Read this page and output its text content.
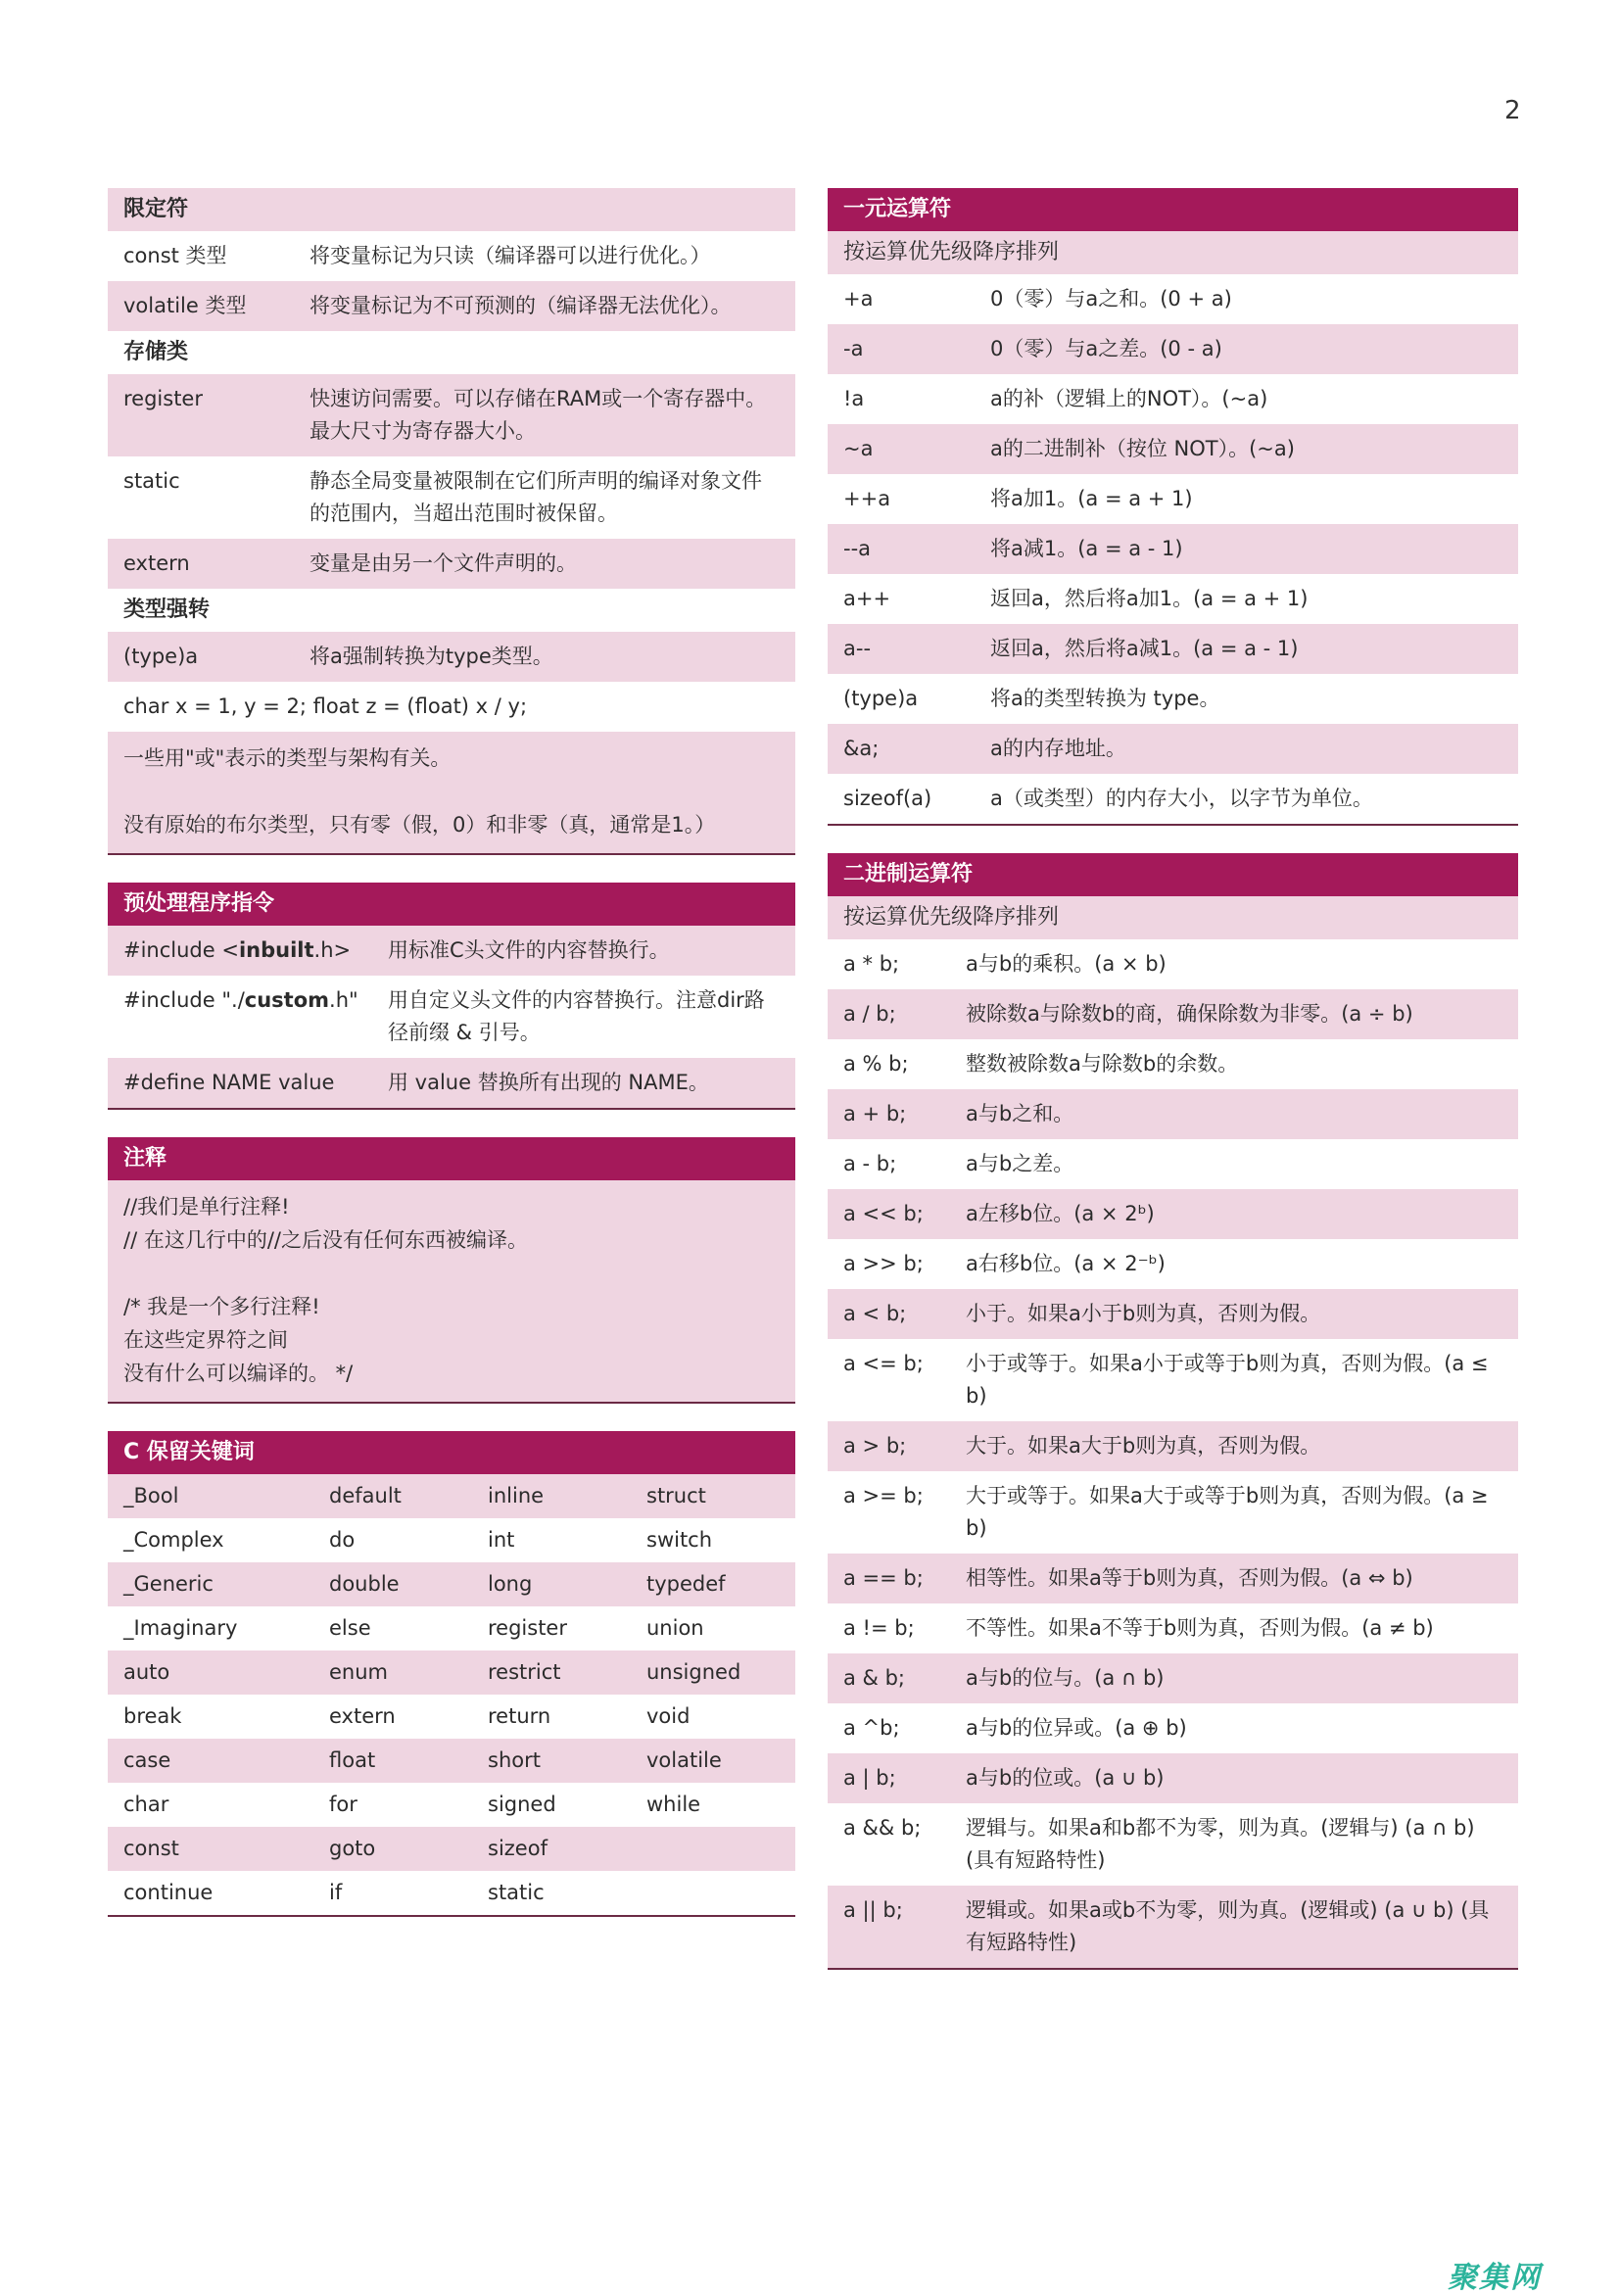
2
限定符
const 类型	将变量标记为只读（编译器可以进行优化。）
volatile 类型	将变量标记为不可预测的（编译器无法优化）。
存储类
register	快速访问需要。可以存储在RAM或一个寄存器中。最大尺寸为寄存器大小。
static	静态全局变量被限制在它们所声明的编译对象文件的范围内，当超出范围时被保留。
extern	变量是由另一个文件声明的。
类型强转
(type)a	将a强制转换为type类型。
char x = 1, y = 2; float z = (float) x / y;
一些用"或"表示的类型与架构有关。
没有原始的布尔类型，只有零（假，0）和非零（真，通常是1。）
预处理程序指令
#include <inbuilt.h>	用标准C头文件的内容替换行。
#include "./custom.h"	用自定义头文件的内容替换行。注意dir路径前缀 & 引号。
#define NAME value	用 value 替换所有出现的 NAME。
注释
//我们是单行注释!
// 在这几行中的//之后没有任何东西被编译。
/* 我是一个多行注释!
在这些定界符之间
没有什么可以编译的。 */
C 保留关键词
_Bool	default	inline	struct
_Complex	do	int	switch
_Generic	double	long	typedef
_Imaginary	else	register	union
auto	enum	restrict	unsigned
break	extern	return	void
case	float	short	volatile
char	for	signed	while
const	goto	sizeof
continue	if	static
一元运算符
按运算优先级降序排列
+a	0（零）与a之和。(0 + a)
-a	0（零）与a之差。(0 - a)
!a	a的补（逻辑上的NOT）。(~a)
~a	a的二进制补（按位 NOT）。(~a)
++a	将a加1。(a = a + 1)
--a	将a减1。(a = a - 1)
a++	返回a，然后将a加1。(a = a + 1)
a--	返回a，然后将a减1。(a = a - 1)
(type)a	将a的类型转换为 type。
&a;	a的内存地址。
sizeof(a)	a（或类型）的内存大小，以字节为单位。
二进制运算符
按运算优先级降序排列
a * b;	a与b的乘积。(a × b)
a / b;	被除数a与除数b的商，确保除数为非零。(a ÷ b)
a % b;	整数被除数a与除数b的余数。
a + b;	a与b之和。
a - b;	a与b之差。
a << b;	a左移b位。(a × 2ᵇ)
a >> b;	a右移b位。(a × 2⁻ᵇ)
a < b;	小于。如果a小于b则为真，否则为假。
a <= b;	小于或等于。如果a小于或等于b则为真，否则为假。(a ≤ b)
a > b;	大于。如果a大于b则为真，否则为假。
a >= b;	大于或等于。如果a大于或等于b则为真，否则为假。(a ≥ b)
a == b;	相等性。如果a等于b则为真，否则为假。(a ⇔ b)
a != b;	不等性。如果a不等于b则为真，否则为假。(a ≠ b)
a & b;	a与b的位与。(a ∩ b)
a ^b;	a与b的位异或。(a ⊕ b)
a | b;	a与b的位或。(a ∪ b)
a && b;	逻辑与。如果a和b都不为零，则为真。(逻辑与) (a ∩ b) (具有短路特性)
a || b;	逻辑或。如果a或b不为零，则为真。(逻辑或) (a ∪ b) (具有短路特性)
聚集网
